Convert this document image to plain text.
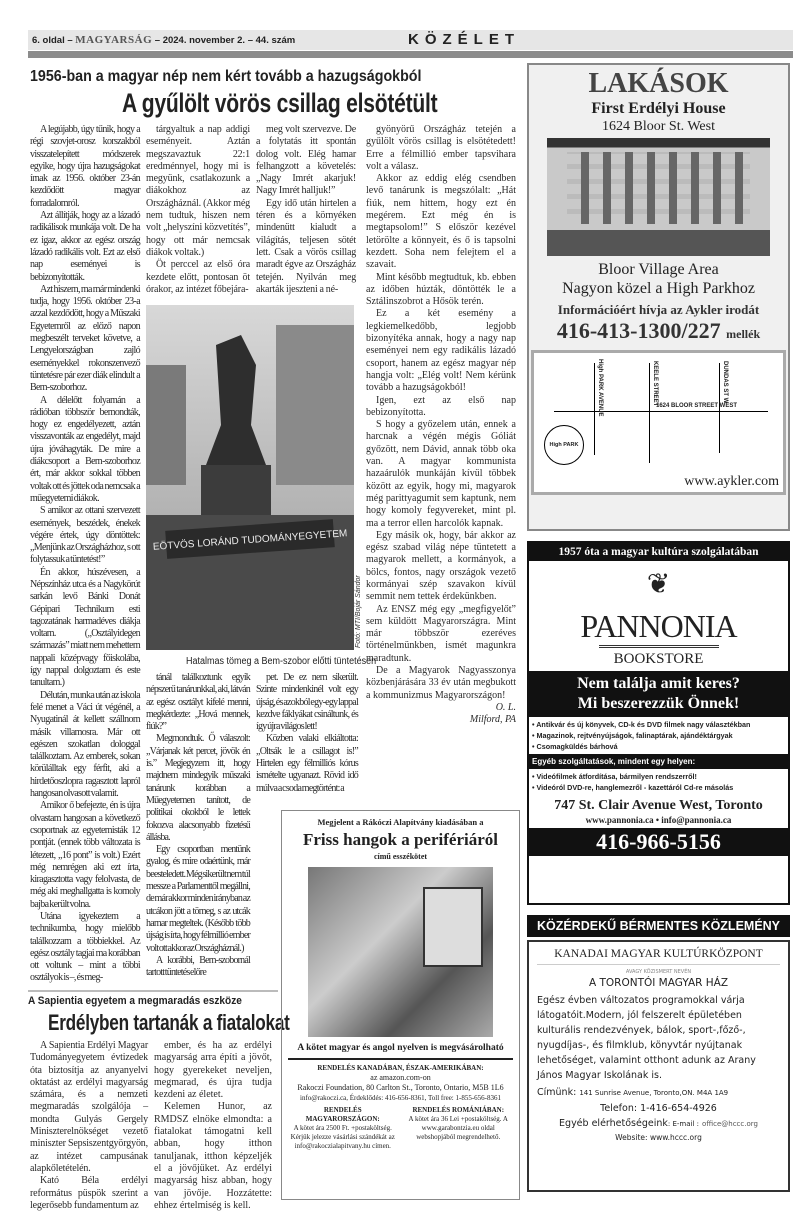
6. oldal – MAGYARSÁG – 2024. november 2. – 44. szám	KÖZÉLET
1956-ban a magyar nép nem kért tovább a hazugságokból
A gyűlölt vörös csillag elsötétült

A legújabb, úgy tűnik, hogy a régi szovjet-orosz korszakból visszatelepített módszerek egyike, hogy újra hazugságokat írnak az 1956. október 23-án kezdődött magyar forradalomról.

Azt állítják, hogy az a lázadó radikálisok munkája volt. De ha ez igaz, akkor az egész ország lázadó radikális volt. Ezt az első nap eseményei is bebizonyították.

Azt hiszem, ma már mindenki tudja, hogy 1956. október 23-a azzal kezdődött, hogy a Műszaki Egyetemről az előző napon megbeszélt terveket követve, a Lengyelországban zajló eseményekkel rokonszenvező tüntetésre pár ezer diák elindult a Bem-szoborhoz.

A délelőtt folyamán a rádióban többször bemondták, hogy ez engedélyezett, aztán visszavonták az engedélyt, majd újra jóváhagyták. De mire a diákcsoport a Bem-szoborhoz ért, már akkor sokkal többen voltak ott és jöttek oda nemcsak a műegyetemi diákok.

S amikor az ottani szervezett események, beszédek, énekek végére értek, úgy döntöttek: „Menjünk az Országházhoz, s ott folytassuk a tüntetést!”

Én akkor, húszévesen, a Népszínház utca és a Nagykörút sarkán levő Bánki Donát Gépipari Technikum esti tagozatának harmadéves diákja voltam. („Osztályidegen származás” miatt nem mehettem nappali középvagy főiskolába, így nappal dolgoztam és este tanultam.)

Délután, munka után az iskola felé menet a Váci út végénél, a Nyugatinál át kellett szállnom másik villamosra. Már ott egészen szokatlan dologgal találkoztam. Az emberek, sokan körülálltak egy férfit, aki a hirdetőoszlopra ragasztott lapról hangosan olvasott valamit.

Amikor ő befejezte, én is újra olvastam hangosan a következő csoportnak az egyetemisták 12 pontját. (ennek több változata is létezett, „16 pont” is volt.) Ezért még nemrégen aki ezt írta, kiragasztotta vagy felolvasta, de még aki meghallgatta is komoly bajba került volna.

Utána igyekeztem a technikumba, hogy mielőbb találkozzam a többiekkel. Az egész osztály tagjai ma korábban ott voltunk – mint a többi osztályok is –, és meg-

tárgyaltuk a nap addigi eseményeit. Aztán megszavaztuk 22:1 eredménnyel, hogy mi is megyünk, csatlakozunk a diákokhoz az Országháznál. (Akkor még nem tudtuk, hiszen nem volt „helyszíni közvetítés”, hogy ott már nemcsak diákok voltak.)

Öt perccel az első óra kezdete előtt, pontosan öt órakor, az intézet főbejára-

meg volt szervezve. De a folytatás itt spontán dolog volt. Elég hamar felhangzott a követelés: „Nagy Imrét akarjuk! Nagy Imrét halljuk!”

Egy idő után hirtelen a téren és a környéken mindenütt kialudt a világítás, teljesen sötét lett. Csak a vörös csillag maradt égve az Országház tetején. Nyilván meg akarták ijeszteni a né-

gyönyörű Országház tetején a gyűlölt vörös csillag is elsötétedett! Erre a félmillió ember tapsvihara volt a válasz.

Akkor az eddig elég csendben levő tanárunk is megszólalt: „Hát fiúk, nem hittem, hogy ezt én megérem. Ezt még én is megtapsolom!” S először kezével letörölte a könnyeit, és ő is tapsolni kezdett. Soha nem felejtem el a szavait.

Mint később megtudtuk, kb. ebben az időben húzták, döntötték le a Sztálinszobrot a Hősök terén.

Ez a két esemény a legkiemelkedőbb, legjobb bizonyítéka annak, hogy a nagy nap eseményei nem egy radikális lázadó csoport, hanem az egész magyar nép hangja volt: „Elég volt! Nem kérünk tovább a hazugságokból!

Igen, ezt az első nap bebizonyította.

S hogy a győzelem után, ennek a harcnak a végén mégis Góliát győzött, nem Dávid, annak több oka van. A magyar kommunista hazaárulók munkáján kívül többek között az egyik, hogy mi, magyarok még parittyagumit sem kaptunk, nem hogy komoly fegyvereket, mint pl. ma a terror ellen harcolók kapnak.

Egy másik ok, hogy, bár akkor az egész szabad világ népe tüntetett a magyarok mellett, a kormányok, a bölcs, fontos, nagy országok vezető kormányai szép szavakon kívül semmit nem tettek érdekünkben.

Az ENSZ még egy „megfigyelőt” sem küldött Magyarországra. Mint már többször ezeréves történelmünkben, ismét magunkra maradtunk.

De a Magyarok Nagyasszonya közbenjárására 33 év után megbukott a kommunizmus Magyarországon!

O. L.

Milford, PA

EÖTVÖS LORÁND TUDOMÁNYEGYETEM
Fotó: MTI/Bojár Sándor
Hatalmas tömeg a Bem-szobor előtti tüntetésen

tánál találkoztunk egyik népszerű tanárunkkal, aki, látván az egész osztályt kifelé menni, megkérdezte: „Hová mennek, fiúk?”

Megmondtuk. Ő válaszolt: „Várjanak két percet, jövök én is.” Megjegyzem itt, hogy majdnem mindegyik műszaki tanárunk korábban a Műegyetemen tanított, de politikai okokból le lettek fokozva alacsonyabb fizetésű állásba.

Egy csoportban mentünk gyalog, és mire odaértünk, már beesteledett. Még sikerült nem túl messze a Parlamenttől megállni, de már akkor minden irányban az utcákon jött a tömeg, s az utcák hamar megteltek. (Később több újság is írta, hogy félmillió ember volt ott akkor az Országháznál.)

A korábbi, Bem-szobornál tartott tüntetés előre

pet. De ez nem sikerült. Szinte mindenkinél volt egy újság, és azokból egy-egy lappal kezdve fáklyákat csináltunk, és így újra világos lett!

Közben valaki elkiáltotta: „Oltsák le a csillagot is!” Hirtelen egy félmilliós kórus ismételte ugyanazt. Rövid idő múlva a csoda megtörtént: a

A Sapientia egyetem a megmaradás eszköze
Erdélyben tartanák a fiatalokat

A Sapientia Erdélyi Magyar Tudományegyetem évtizedek óta biztosítja az anyanyelvi oktatást az erdélyi magyarság számára, és a nemzeti megmaradás szolgálója – mondta Gulyás Gergely Miniszterelnökséget vezető miniszter Sepsiszentgyörgyön, az intézet campusának alapkőletételén.

Kató Béla erdélyi református püspök szerint a legerősebb fundamentum az

ember, és ha az erdélyi magyarság arra építi a jövőt, hogy gyerekeket neveljen, megmarad, és újra tudja kezdeni az életet.

Kelemen Hunor, az RMDSZ elnöke elmondta: a fiatalokat támogatni kell abban, hogy itthon tanuljanak, itthon képzeljék el a jövőjüket. Az erdélyi magyarság hisz abban, hogy van jövője. Hozzátette: ehhez értelmiség is kell.

Megjelent a Rákóczi Alapítvány kiadásában a
Friss hangok a perifériáról
című esszékötet
A kötet magyar és angol nyelven is megvásárolható
RENDELÉS KANADÁBAN, ÉSZAK-AMERIKÁBAN:
az amazon.com-on
Rakoczi Foundation, 80 Carlton St., Toronto, Ontario, M5B 1L6
info@rakoczi.ca, Érdeklődés: 416-656-8361, Toll free: 1-855-656-8361
RENDELÉS MAGYARORSZÁGON:
A kötet ára 2500 Ft. +postaköltség. Kérjük jelezze vásárlási szándékát az info@rakoczialapitvany.hu címen.
RENDELÉS ROMÁNIÁBAN:
A kötet ára 36 Lei +postaköltség. A www.garabontzia.eu oldal webshopjából megrendelhető.
LAKÁSOK
First Erdélyi House
1624 Bloor St. West
Bloor Village Area
Nagyon közel a High Parkhoz
Információért hívja az Aykler irodát
416-413-1300/227 mellék
High PARK AVENUE	KEELE STREET	DUNDAS ST W
1624 BLOOR STREET WEST
High PARK
www.aykler.com
1957 óta a magyar kultúra szolgálatában
❦
PANNONIA
BOOKSTORE
Nem találja amit keres?
Mi beszerezzük Önnek!
• Antikvár és új könyvek, CD-k és DVD filmek nagy választékban
• Magazinok, rejtvényújságok, falinaptárak, ajándéktárgyak
• Csomagküldés bárhová
Egyéb szolgáltatások, mindent egy helyen:
• Videófilmek átfordítása, bármilyen rendszerről!
• Videóról DVD-re, hanglemezről - kazettáról Cd-re másolás
747 St. Clair Avenue West, Toronto
www.pannonia.ca • info@pannonia.ca
416-966-5156
KÖZÉRDEKŰ BÉRMENTES KÖZLEMÉNY
KANADAI MAGYAR KULTÚRKÖZPONT
AVAGY KÖZISMERT NEVÉN
A TORONTÓI MAGYAR HÁZ
Egész évben változatos programokkal várja látogatóit.Modern, jól felszerelt épületében kulturális rendezvények, bálok, sport-,főző-, nyugdíjas-, és filmklub, könyvtár nyújtanak lehetőséget, valamint otthont adunk az Arany János Magyar Iskolának is.
Címünk: 141 Sunrise Avenue, Toronto,ON. M4A 1A9
Telefon: 1-416-654-4926
Egyéb elérhetőségeink: E-mail : office@hccc.org
Website: www.hccc.org
